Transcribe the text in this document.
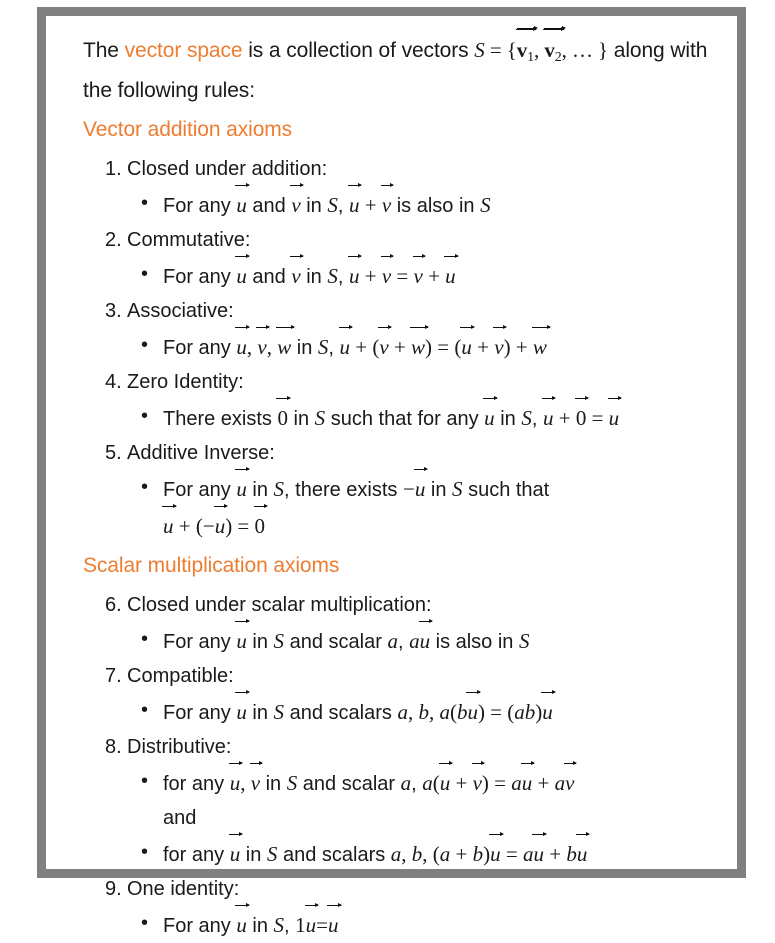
The vector space is a collection of vectors $S = \{v_1$, $v_2$, … } along with the following rules:

Vector addition axioms
1. Closed under addition:
• For any u and v in S, u + v is also in S
2. Commutative:
• For any u and v in S, u + v = v + u
3. Associative:
• For any u, v, w in S, u + (v + w) = (u + v) + w
4. Zero Identity:
• There exists 0 in S such that for any u in S, u + 0 = u
5. Additive Inverse:
• For any u in S, there exists −u in S such that
u + (−u) = 0
Scalar multiplication axioms
6. Closed under scalar multiplication:
• For any u in S and scalar a, au is also in S
7. Compatible:
• For any u in S and scalars a, b, a(bu) = (ab)u
8. Distributive:
• for any u, v in S and scalar a, a(u + v) = au + av
and
• for any u in S and scalars a, b, (a + b)u = au + bu
9. One identity:
• For any u in S, 1u=u
